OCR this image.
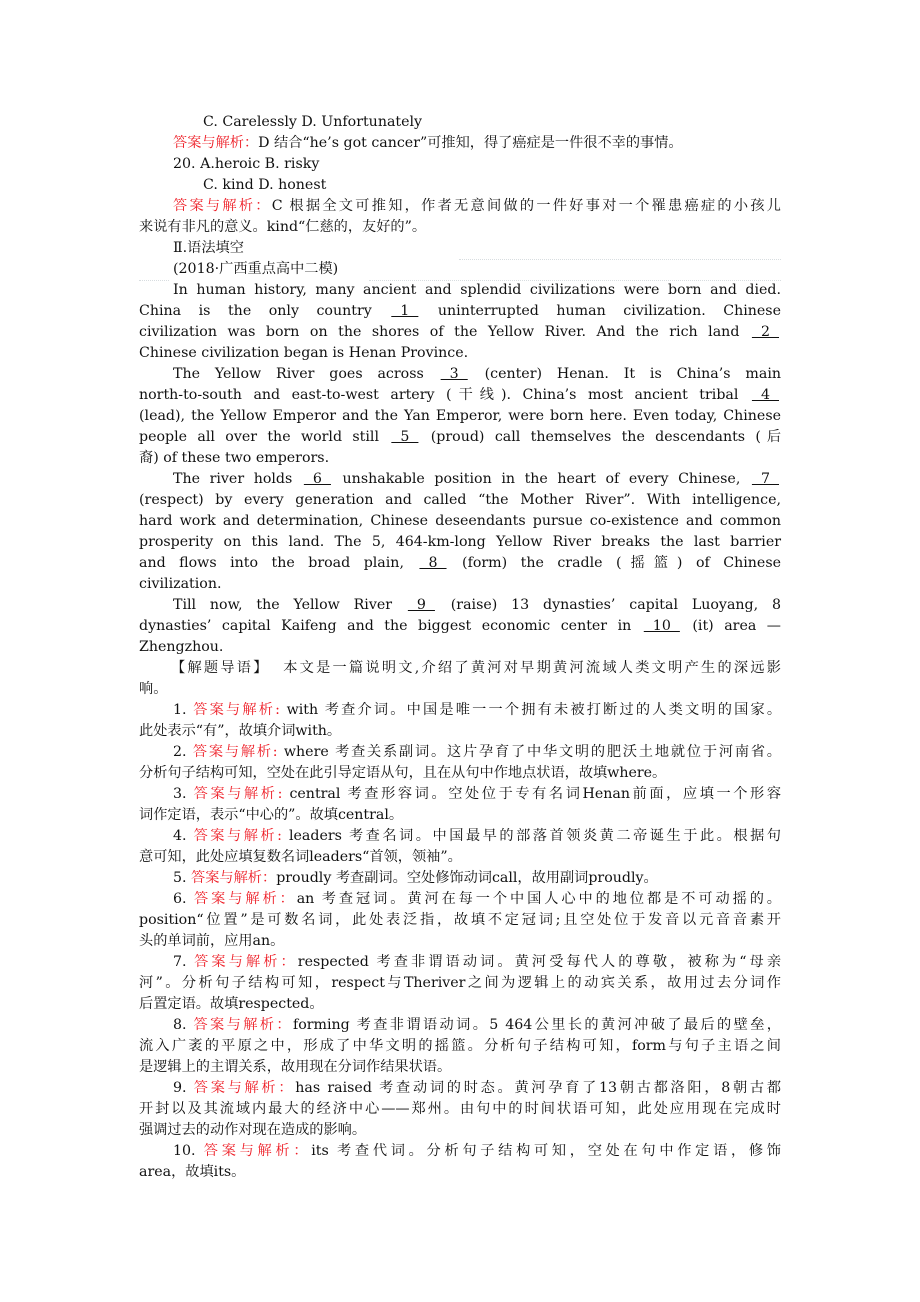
C. Carelessly D. Unfortunately
答案与解析：D 结合“he’s got cancer”可推知，得了癌症是一件很不幸的事情。
20. A.heroic B. risky
C. kind D. honest
答案与解析：C 根据全文可推知，作者无意间做的一件好事对一个罹患癌症的小孩儿
来说有非凡的意义。kind“仁慈的，友好的”。
Ⅱ.语法填空
(2018·广西重点高中二模)
In human history, many ancient and splendid civilizations were born and died.
China is the only country   1   uninterrupted human civilization. Chinese
civilization was born on the shores of the Yellow River. And the rich land   2
Chinese civilization began is Henan Province.
The Yellow River goes across   3   (center) Henan. It is China’s main
north-to-south and east-to-west artery (干线). China’s most ancient tribal   4
(lead), the Yellow Emperor and the Yan Emperor, were born here. Even today, Chinese
people all over the world still   5   (proud) call themselves the descendants (后
裔) of these two emperors.
The river holds   6   unshakable position in the heart of every Chinese,   7
(respect) by every generation and called “the Mother River”. With intelligence,
hard work and determination, Chinese deseendants pursue co-existence and common
prosperity on this land. The 5, 464-km-long Yellow River breaks the last barrier
and flows into the broad plain,   8   (form) the cradle (摇篮) of Chinese
civilization.
Till now, the Yellow River   9   (raise) 13 dynasties’ capital Luoyang, 8
dynasties’ capital Kaifeng and the biggest economic center in   10   (it) area —
Zhengzhou.
【解题导语】 本文是一篇说明文,介绍了黄河对早期黄河流域人类文明产生的深远影
响。
1. 答案与解析: with 考查介词。中国是唯一一个拥有未被打断过的人类文明的国家。
此处表示“有”，故填介词with。
2. 答案与解析: where 考查关系副词。这片孕育了中华文明的肥沃土地就位于河南省。
分析句子结构可知，空处在此引导定语从句，且在从句中作地点状语，故填where。
3. 答案与解析: central 考查形容词。空处位于专有名词Henan前面，应填一个形容
词作定语，表示“中心的”。故填central。
4. 答案与解析: leaders 考查名词。中国最早的部落首领炎黄二帝诞生于此。根据句
意可知，此处应填复数名词leaders“首领，领袖”。
5. 答案与解析：proudly 考查副词。空处修饰动词call，故用副词proudly。
6. 答案与解析：an 考查冠词。黄河在每一个中国人心中的地位都是不可动摇的。
position“位置”是可数名词，此处表泛指，故填不定冠词;且空处位于发音以元音音素开
头的单词前，应用an。
7. 答案与解析：respected 考查非谓语动词。黄河受每代人的尊敬，被称为“母亲
河”。分析句子结构可知，respect与Theriver之间为逻辑上的动宾关系，故用过去分词作
后置定语。故填respected。
8. 答案与解析：forming 考查非谓语动词。5 464公里长的黄河冲破了最后的壁垒，
流入广袤的平原之中，形成了中华文明的摇篮。分析句子结构可知，form与句子主语之间
是逻辑上的主谓关系，故用现在分词作结果状语。
9. 答案与解析：has raised 考查动词的时态。黄河孕育了13朝古都洛阳，8朝古都
开封以及其流域内最大的经济中心——郑州。由句中的时间状语可知，此处应用现在完成时
强调过去的动作对现在造成的影响。
10. 答案与解析：its 考查代词。分析句子结构可知，空处在句中作定语，修饰
area，故填its。
